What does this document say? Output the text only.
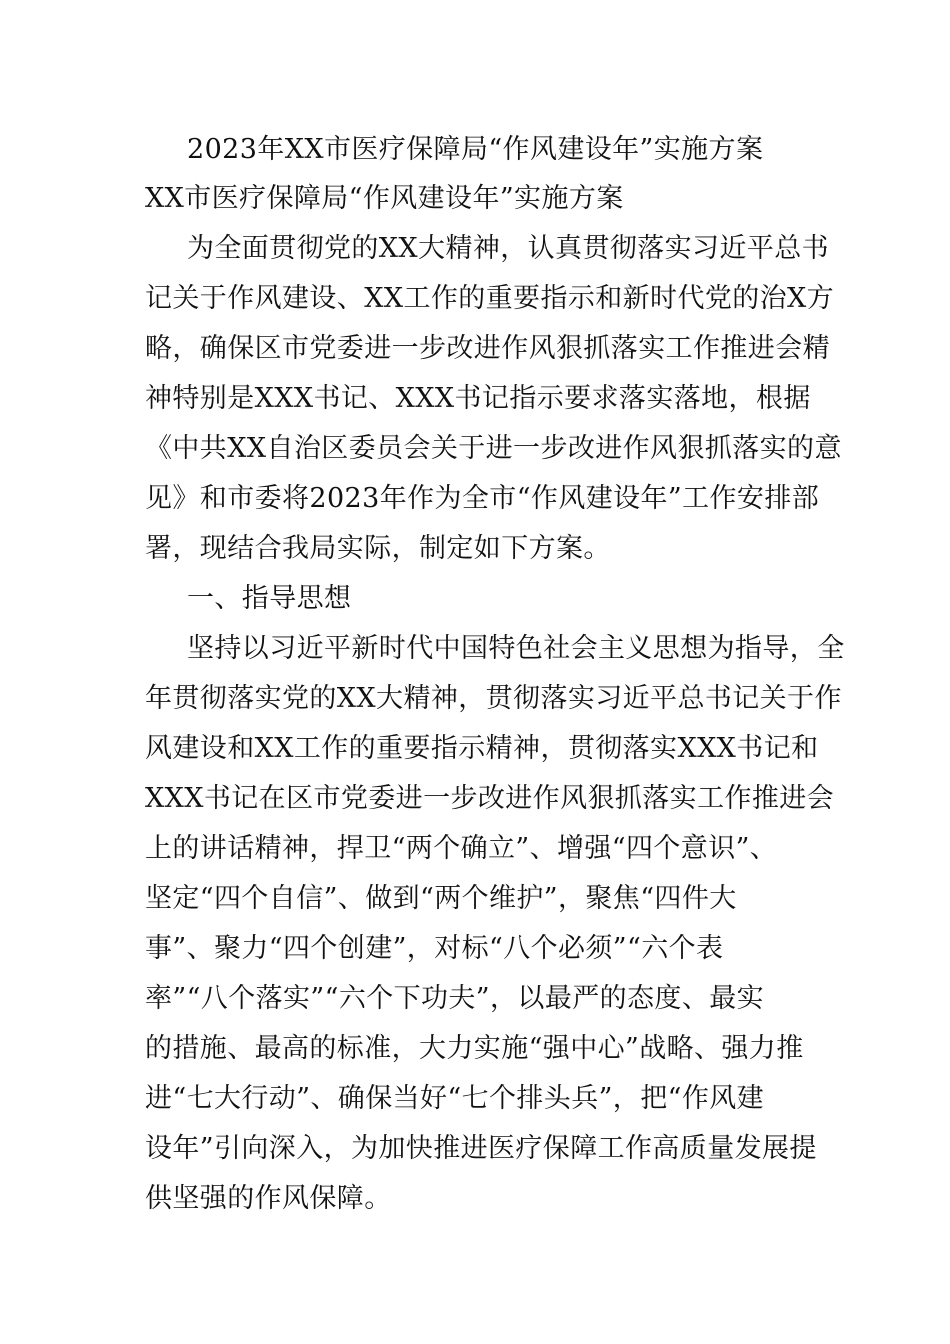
2023年XX市医疗保障局“作风建设年”实施方案
XX市医疗保障局“作风建设年”实施方案
为全面贯彻党的XX大精神，认真贯彻落实习近平总书
记关于作风建设、XX工作的重要指示和新时代党的治X方
略，确保区市党委进一步改进作风狠抓落实工作推进会精
神特别是XXX书记、XXX书记指示要求落实落地，根据
《中共XX自治区委员会关于进一步改进作风狠抓落实的意
见》和市委将2023年作为全市“作风建设年”工作安排部
署，现结合我局实际，制定如下方案。
一、指导思想
坚持以习近平新时代中国特色社会主义思想为指导，全
年贯彻落实党的XX大精神，贯彻落实习近平总书记关于作
风建设和XX工作的重要指示精神，贯彻落实XXX书记和
XXX书记在区市党委进一步改进作风狠抓落实工作推进会
上的讲话精神，捍卫“两个确立”、增强“四个意识”、
坚定“四个自信”、做到“两个维护”，聚焦“四件大
事”、聚力“四个创建”，对标“八个必须”“六个表
率”“八个落实”“六个下功夫”，以最严的态度、最实
的措施、最高的标准，大力实施“强中心”战略、强力推
进“七大行动”、确保当好“七个排头兵”，把“作风建
设年”引向深入，为加快推进医疗保障工作高质量发展提
供坚强的作风保障。
